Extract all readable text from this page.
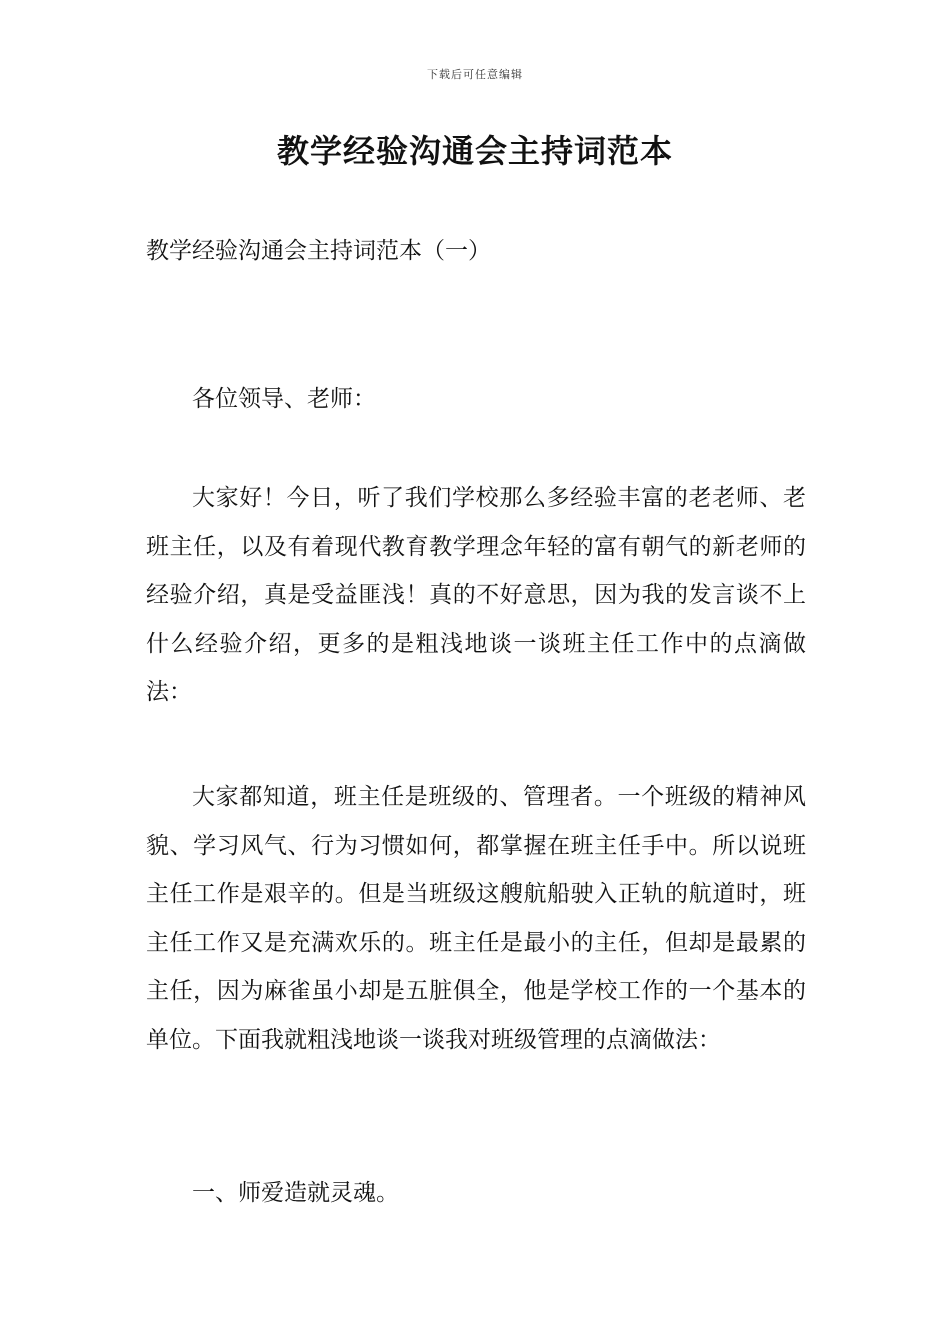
下载后可任意编辑
教学经验沟通会主持词范本
教学经验沟通会主持词范本（一）

各位领导、老师：

大家好！今日，听了我们学校那么多经验丰富的老老师、老班主任，以及有着现代教育教学理念年轻的富有朝气的新老师的经验介绍，真是受益匪浅！真的不好意思，因为我的发言谈不上什么经验介绍，更多的是粗浅地谈一谈班主任工作中的点滴做法：

大家都知道，班主任是班级的、管理者。一个班级的精神风貌、学习风气、行为习惯如何，都掌握在班主任手中。所以说班主任工作是艰辛的。但是当班级这艘航船驶入正轨的航道时，班主任工作又是充满欢乐的。班主任是最小的主任，但却是最累的主任，因为麻雀虽小却是五脏俱全，他是学校工作的一个基本的单位。下面我就粗浅地谈一谈我对班级管理的点滴做法：

一、师爱造就灵魂。
